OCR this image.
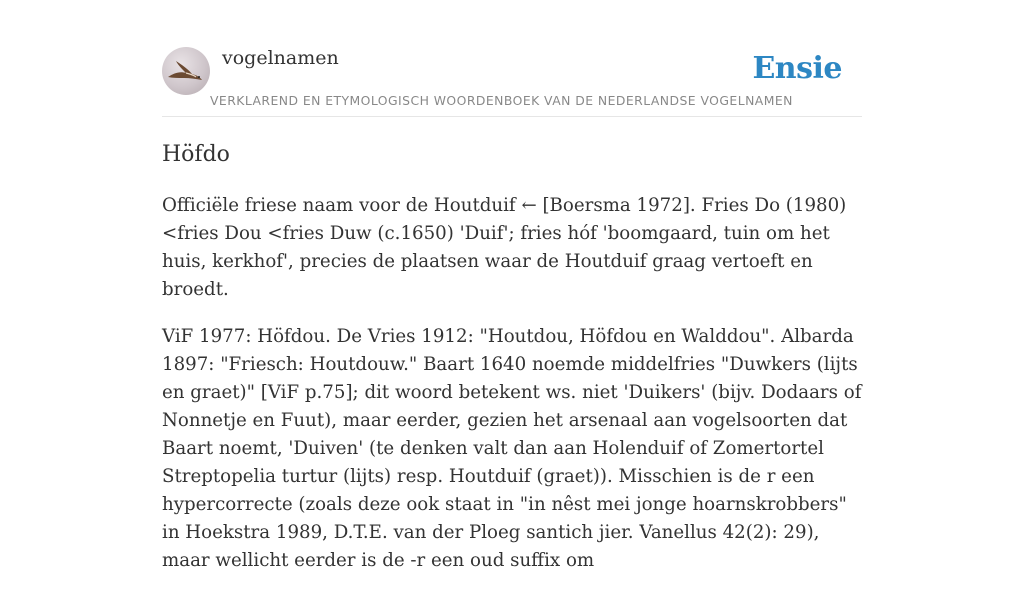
vogelnamen	Ensie
VERKLAREND EN ETYMOLOGISCH WOORDENBOEK VAN DE NEDERLANDSE VOGELNAMEN
Höfdo

Officiële friese naam voor de Houtduif ← [Boersma 1972]. Fries Do (1980) <fries Dou <fries Duw (c.1650) 'Duif'; fries hóf 'boomgaard, tuin om het huis, kerkhof', precies de plaatsen waar de Houtduif graag vertoeft en broedt.

ViF 1977: Höfdou. De Vries 1912: "Houtdou, Höfdou en Walddou". Albarda 1897: "Friesch: Houtdouw." Baart 1640 noemde middelfries "Duwkers (lijts en graet)" [ViF p.75]; dit woord betekent ws. niet 'Duikers' (bijv. Dodaars of Nonnetje en Fuut), maar eerder, gezien het arsenaal aan vogelsoorten dat Baart noemt, 'Duiven' (te denken valt dan aan Holenduif of Zomertortel Streptopelia turtur (lijts) resp. Houtduif (graet)). Misschien is de r een hypercorrecte (zoals deze ook staat in "in nêst mei jonge hoarnskrobbers" in Hoekstra 1989, D.T.E. van der Ploeg santich jier. Vanellus 42(2): 29), maar wellicht eerder is de -r een oud suffix om
